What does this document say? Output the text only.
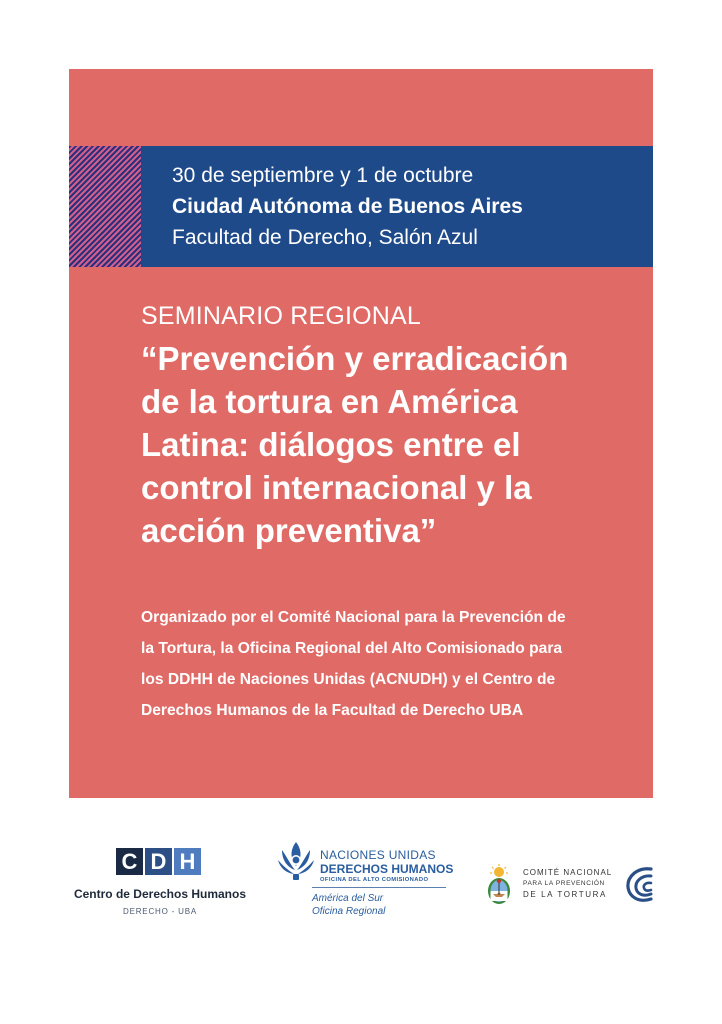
30 de septiembre y 1 de octubre
Ciudad Autónoma de Buenos Aires
Facultad de Derecho, Salón Azul
SEMINARIO REGIONAL
“Prevención y erradicación
de la tortura en América
Latina: diálogos entre el
control internacional y la
acción preventiva”
Organizado por el Comité Nacional para la Prevención de
la Tortura, la Oficina Regional del Alto Comisionado para
los DDHH de Naciones Unidas (ACNUDH) y el Centro de
Derechos Humanos de la Facultad de Derecho UBA
C D H
Centro de Derechos Humanos
DERECHO - UBA
NACIONES UNIDAS
DERECHOS HUMANOS
OFICINA DEL ALTO COMISIONADO
América del Sur
Oficina Regional
COMITÉ NACIONAL
PARA LA PREVENCIÓN
DE LA TORTURA
